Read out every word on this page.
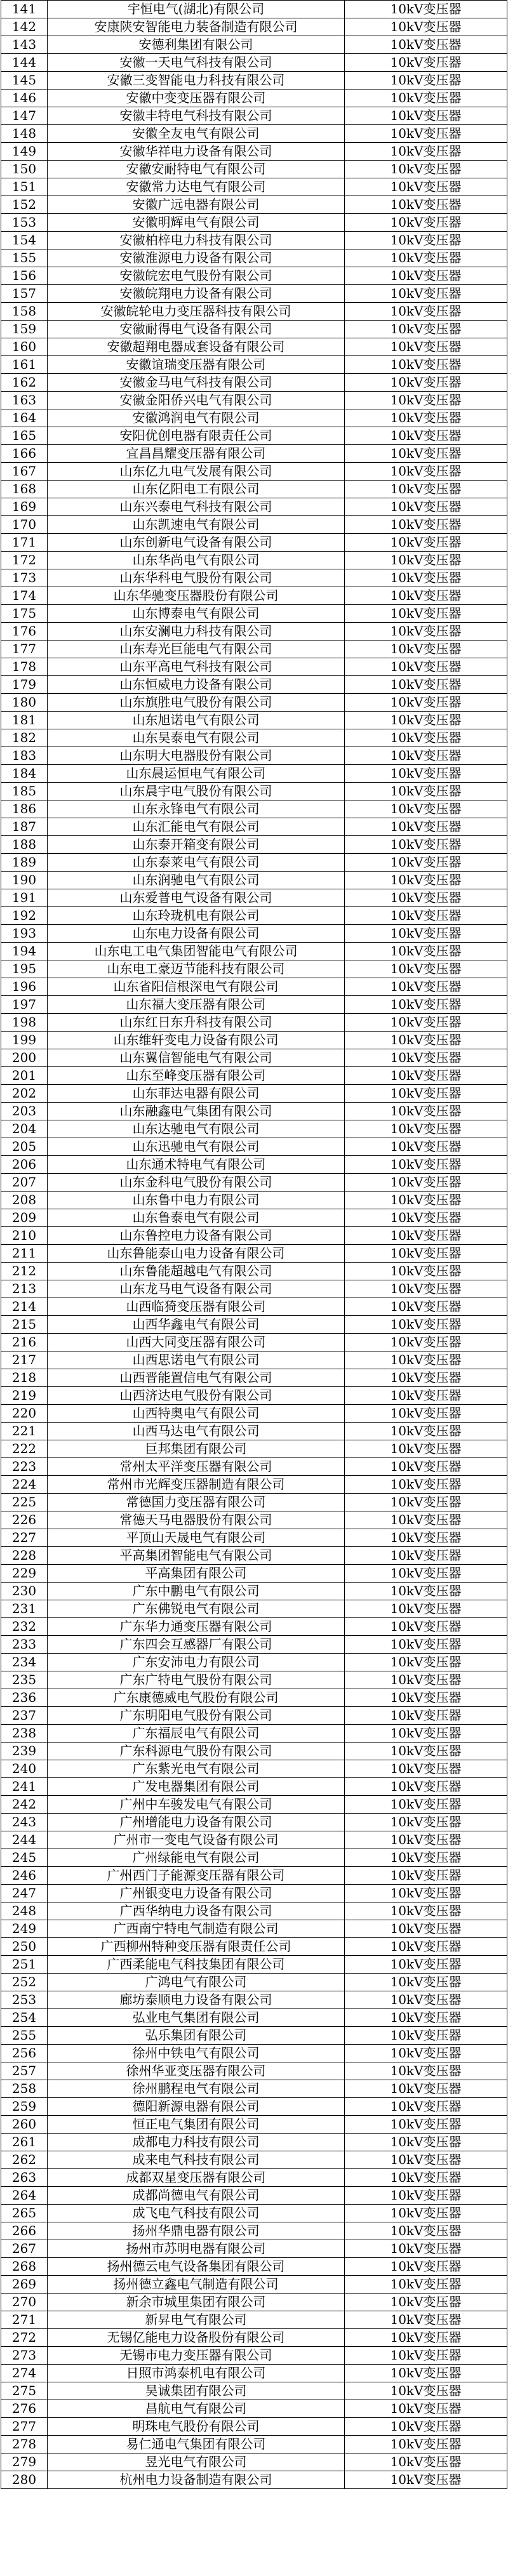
141	宇恒电气(湖北)有限公司	10kV变压器
142	安康陕安智能电力装备制造有限公司	10kV变压器
143	安德利集团有限公司	10kV变压器
144	安徽一天电气科技有限公司	10kV变压器
145	安徽三变智能电力科技有限公司	10kV变压器
146	安徽中变变压器有限公司	10kV变压器
147	安徽丰特电气科技有限公司	10kV变压器
148	安徽全友电气有限公司	10kV变压器
149	安徽华祥电力设备有限公司	10kV变压器
150	安徽安耐特电气有限公司	10kV变压器
151	安徽常力达电气有限公司	10kV变压器
152	安徽广远电器有限公司	10kV变压器
153	安徽明辉电气有限公司	10kV变压器
154	安徽柏梓电力科技有限公司	10kV变压器
155	安徽淮源电力设备有限公司	10kV变压器
156	安徽皖宏电气股份有限公司	10kV变压器
157	安徽皖翔电力设备有限公司	10kV变压器
158	安徽皖轮电力变压器科技有限公司	10kV变压器
159	安徽耐得电气设备有限公司	10kV变压器
160	安徽超翔电器成套设备有限公司	10kV变压器
161	安徽谊瑞变压器有限公司	10kV变压器
162	安徽金马电气科技有限公司	10kV变压器
163	安徽金阳侨兴电气有限公司	10kV变压器
164	安徽鸿润电气有限公司	10kV变压器
165	安阳优创电器有限责任公司	10kV变压器
166	宜昌昌耀变压器有限公司	10kV变压器
167	山东亿九电气发展有限公司	10kV变压器
168	山东亿阳电工有限公司	10kV变压器
169	山东兴泰电气科技有限公司	10kV变压器
170	山东凯速电气有限公司	10kV变压器
171	山东创新电气设备有限公司	10kV变压器
172	山东华尚电气有限公司	10kV变压器
173	山东华科电气股份有限公司	10kV变压器
174	山东华驰变压器股份有限公司	10kV变压器
175	山东博泰电气有限公司	10kV变压器
176	山东安澜电力科技有限公司	10kV变压器
177	山东寿光巨能电气有限公司	10kV变压器
178	山东平高电气科技有限公司	10kV变压器
179	山东恒威电力设备有限公司	10kV变压器
180	山东旗胜电气股份有限公司	10kV变压器
181	山东旭诺电气有限公司	10kV变压器
182	山东昊泰电气有限公司	10kV变压器
183	山东明大电器股份有限公司	10kV变压器
184	山东晨运恒电气有限公司	10kV变压器
185	山东晨宇电气股份有限公司	10kV变压器
186	山东永锋电气有限公司	10kV变压器
187	山东汇能电气有限公司	10kV变压器
188	山东泰开箱变有限公司	10kV变压器
189	山东泰莱电气有限公司	10kV变压器
190	山东润驰电气有限公司	10kV变压器
191	山东爱普电气设备有限公司	10kV变压器
192	山东玲珑机电有限公司	10kV变压器
193	山东电力设备有限公司	10kV变压器
194	山东电工电气集团智能电气有限公司	10kV变压器
195	山东电工豪迈节能科技有限公司	10kV变压器
196	山东省阳信根深电气有限公司	10kV变压器
197	山东福大变压器有限公司	10kV变压器
198	山东红日东升科技有限公司	10kV变压器
199	山东维轩变电力设备有限公司	10kV变压器
200	山东翼信智能电气有限公司	10kV变压器
201	山东至峰变压器有限公司	10kV变压器
202	山东菲达电器有限公司	10kV变压器
203	山东融鑫电气集团有限公司	10kV变压器
204	山东达驰电气有限公司	10kV变压器
205	山东迅驰电气有限公司	10kV变压器
206	山东通术特电气有限公司	10kV变压器
207	山东金科电气股份有限公司	10kV变压器
208	山东鲁中电力有限公司	10kV变压器
209	山东鲁泰电气有限公司	10kV变压器
210	山东鲁控电力设备有限公司	10kV变压器
211	山东鲁能泰山电力设备有限公司	10kV变压器
212	山东鲁能超越电气有限公司	10kV变压器
213	山东龙马电气设备有限公司	10kV变压器
214	山西临猗变压器有限公司	10kV变压器
215	山西华鑫电气有限公司	10kV变压器
216	山西大同变压器有限公司	10kV变压器
217	山西思诺电气有限公司	10kV变压器
218	山西晋能置信电气有限公司	10kV变压器
219	山西济达电气股份有限公司	10kV变压器
220	山西特奥电气有限公司	10kV变压器
221	山西马达电气有限公司	10kV变压器
222	巨邦集团有限公司	10kV变压器
223	常州太平洋变压器有限公司	10kV变压器
224	常州市光辉变压器制造有限公司	10kV变压器
225	常德国力变压器有限公司	10kV变压器
226	常德天马电器股份有限公司	10kV变压器
227	平顶山天晟电气有限公司	10kV变压器
228	平高集团智能电气有限公司	10kV变压器
229	平高集团有限公司	10kV变压器
230	广东中鹏电气有限公司	10kV变压器
231	广东佛锐电气有限公司	10kV变压器
232	广东华力通变压器有限公司	10kV变压器
233	广东四会互感器厂有限公司	10kV变压器
234	广东安沛电力有限公司	10kV变压器
235	广东广特电气股份有限公司	10kV变压器
236	广东康德威电气股份有限公司	10kV变压器
237	广东明阳电气股份有限公司	10kV变压器
238	广东福辰电气有限公司	10kV变压器
239	广东科源电气股份有限公司	10kV变压器
240	广东紫光电气有限公司	10kV变压器
241	广发电器集团有限公司	10kV变压器
242	广州中车骏发电气有限公司	10kV变压器
243	广州增能电力设备有限公司	10kV变压器
244	广州市一变电气设备有限公司	10kV变压器
245	广州绿能电气有限公司	10kV变压器
246	广州西门子能源变压器有限公司	10kV变压器
247	广州银变电力设备有限公司	10kV变压器
248	广西华纳电力设备有限公司	10kV变压器
249	广西南宁特电气制造有限公司	10kV变压器
250	广西柳州特种变压器有限责任公司	10kV变压器
251	广西柔能电气科技集团有限公司	10kV变压器
252	广鸿电气有限公司	10kV变压器
253	廊坊泰顺电力设备有限公司	10kV变压器
254	弘业电气集团有限公司	10kV变压器
255	弘乐集团有限公司	10kV变压器
256	徐州中铁电气有限公司	10kV变压器
257	徐州华亚变压器有限公司	10kV变压器
258	徐州鹏程电气有限公司	10kV变压器
259	德阳新源电器有限公司	10kV变压器
260	恒正电气集团有限公司	10kV变压器
261	成都电力科技有限公司	10kV变压器
262	成来电气科技有限公司	10kV变压器
263	成都双星变压器有限公司	10kV变压器
264	成都尚德电气有限公司	10kV变压器
265	成飞电气科技有限公司	10kV变压器
266	扬州华鼎电器有限公司	10kV变压器
267	扬州市苏明电器有限公司	10kV变压器
268	扬州德云电气设备集团有限公司	10kV变压器
269	扬州德立鑫电气制造有限公司	10kV变压器
270	新余市城里集团有限公司	10kV变压器
271	新昇电气有限公司	10kV变压器
272	无锡亿能电力设备股份有限公司	10kV变压器
273	无锡市电力变压器有限公司	10kV变压器
274	日照市鸿泰机电有限公司	10kV变压器
275	昊诚集团有限公司	10kV变压器
276	昌航电气有限公司	10kV变压器
277	明珠电气股份有限公司	10kV变压器
278	易仁通电气集团有限公司	10kV变压器
279	昱光电气有限公司	10kV变压器
280	杭州电力设备制造有限公司	10kV变压器
